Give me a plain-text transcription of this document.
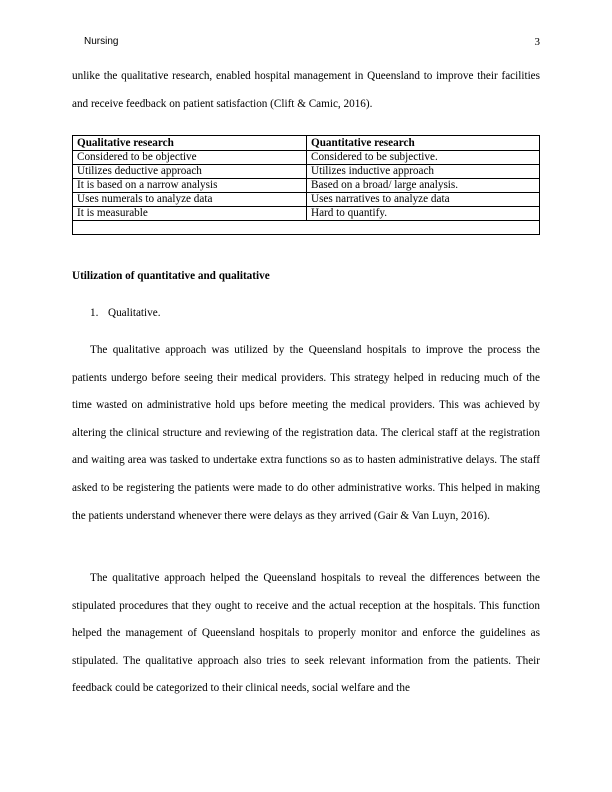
Nursing	3
unlike the qualitative research, enabled hospital management in Queensland to improve their facilities and receive feedback on patient satisfaction (Clift & Camic, 2016).
Qualitative research	Quantitative research
Considered to be objective	Considered to be subjective.
Utilizes deductive approach	Utilizes inductive approach
It is based on a narrow analysis	Based on a broad/ large analysis.
Uses numerals to analyze data	Uses narratives to analyze data
It is measurable	Hard to quantify.

Utilization of quantitative and qualitative
1. Qualitative.
The qualitative approach was utilized by the Queensland hospitals to improve the process the patients undergo before seeing their medical providers. This strategy helped in reducing much of the time wasted on administrative hold ups before meeting the medical providers. This was achieved by altering the clinical structure and reviewing of the registration data. The clerical staff at the registration and waiting area was tasked to undertake extra functions so as to hasten administrative delays. The staff asked to be registering the patients were made to do other administrative works. This helped in making the patients understand whenever there were delays as they arrived (Gair & Van Luyn, 2016).
The qualitative approach helped the Queensland hospitals to reveal the differences between the stipulated procedures that they ought to receive and the actual reception at the hospitals. This function helped the management of Queensland hospitals to properly monitor and enforce the guidelines as stipulated. The qualitative approach also tries to seek relevant information from the patients. Their feedback could be categorized to their clinical needs, social welfare and the
